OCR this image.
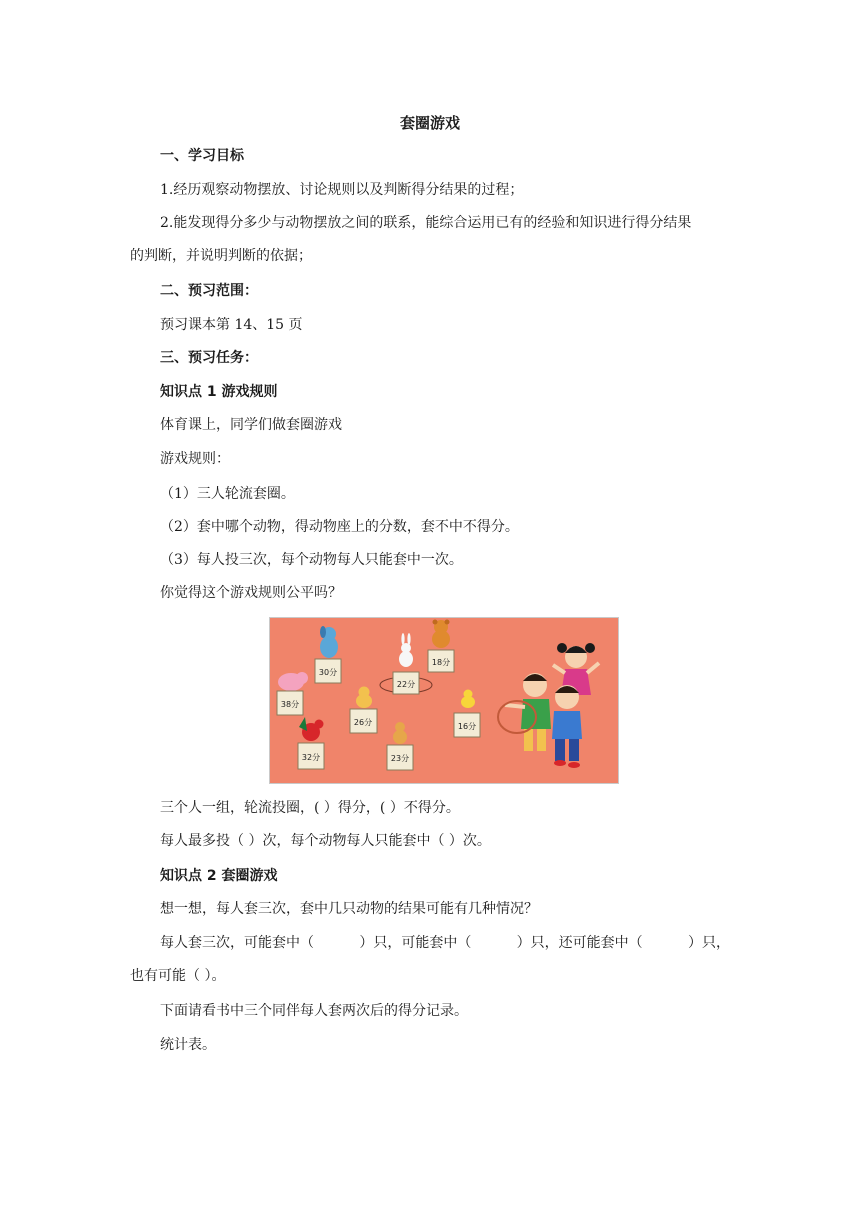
套圈游戏
一、学习目标
1.经历观察动物摆放、讨论规则以及判断得分结果的过程；
2.能发现得分多少与动物摆放之间的联系，能综合运用已有的经验和知识进行得分结果
的判断，并说明判断的依据；
二、预习范围：
预习课本第 14、15 页
三、预习任务：
知识点 1 游戏规则
体育课上，同学们做套圈游戏
游戏规则：
（1）三人轮流套圈。
（2）套中哪个动物，得动物座上的分数，套不中不得分。
（3）每人投三次，每个动物每人只能套中一次。
你觉得这个游戏规则公平吗？
30分
22分
18分
38分
26分	16分
32分	23分
三个人一组，轮流投圈，( ）得分，( ）不得分。
每人最多投（ ）次，每个动物每人只能套中（ ）次。
知识点 2 套圈游戏
想一想，每人套三次，套中几只动物的结果可能有几种情况？
每人套三次，可能套中（	）只，可能套中（	）只，还可能套中（	）只，
也有可能（ ）。
下面请看书中三个同伴每人套两次后的得分记录。
统计表。
